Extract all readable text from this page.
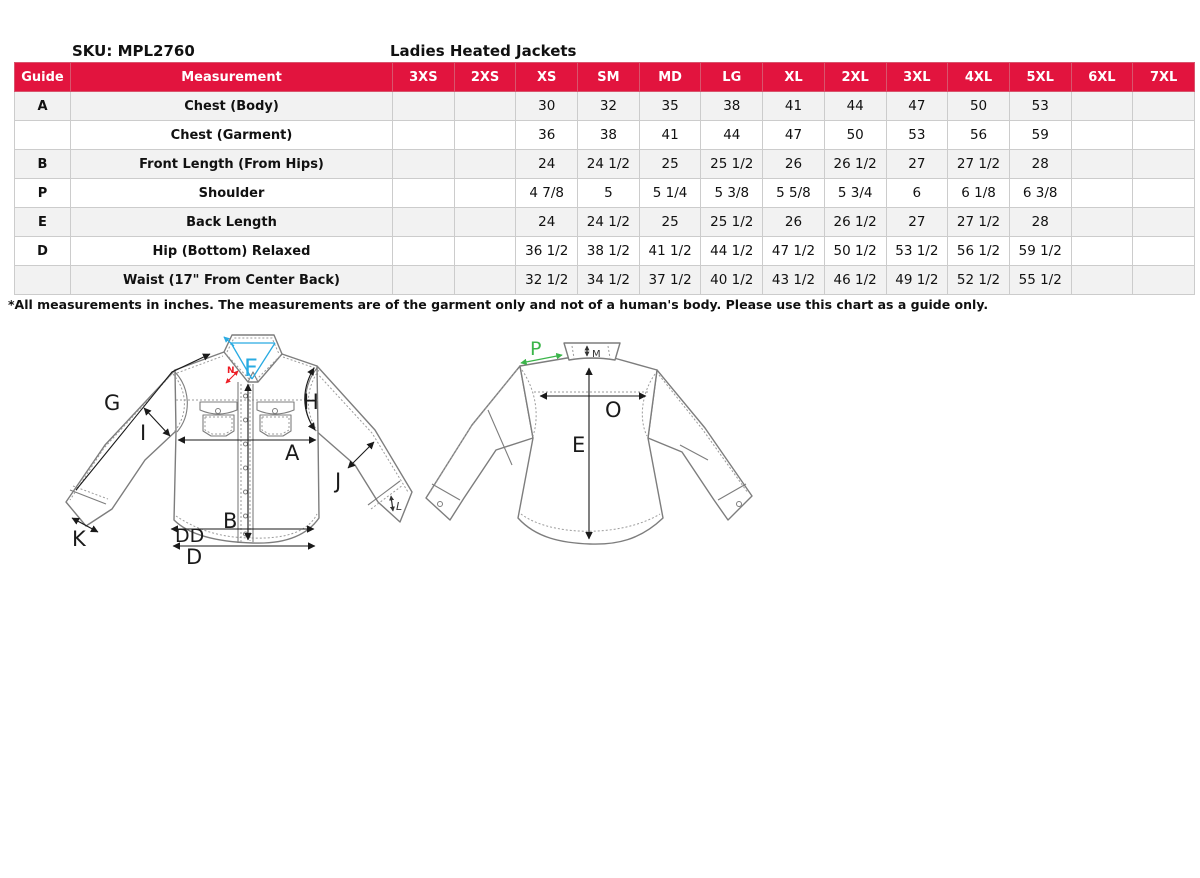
SKU: MPL2760	Ladies Heated Jackets
Guide	Measurement	3XS	2XS	XS	SM	MD	LG	XL	2XL	3XL	4XL	5XL	6XL	7XL
A	Chest (Body)			30	32	35	38	41	44	47	50	53		
	Chest (Garment)			36	38	41	44	47	50	53	56	59		
B	Front Length (From Hips)			24	24 1/2	25	25 1/2	26	26 1/2	27	27 1/2	28		
P	Shoulder			4 7/8	5	5 1/4	5 3/8	5 5/8	5 3/4	6	6 1/8	6 3/8		
E	Back Length			24	24 1/2	25	25 1/2	26	26 1/2	27	27 1/2	28		
D	Hip (Bottom) Relaxed			36 1/2	38 1/2	41 1/2	44 1/2	47 1/2	50 1/2	53 1/2	56 1/2	59 1/2		
	Waist (17" From Center Back)			32 1/2	34 1/2	37 1/2	40 1/2	43 1/2	46 1/2	49 1/2	52 1/2	55 1/2		
*All measurements in inches. The measurements are of the garment only and not of a human's body. Please use this chart as a guide only.
G
I
F
N
H
A
J
B
K	DD
D
L
P	M
O
E
